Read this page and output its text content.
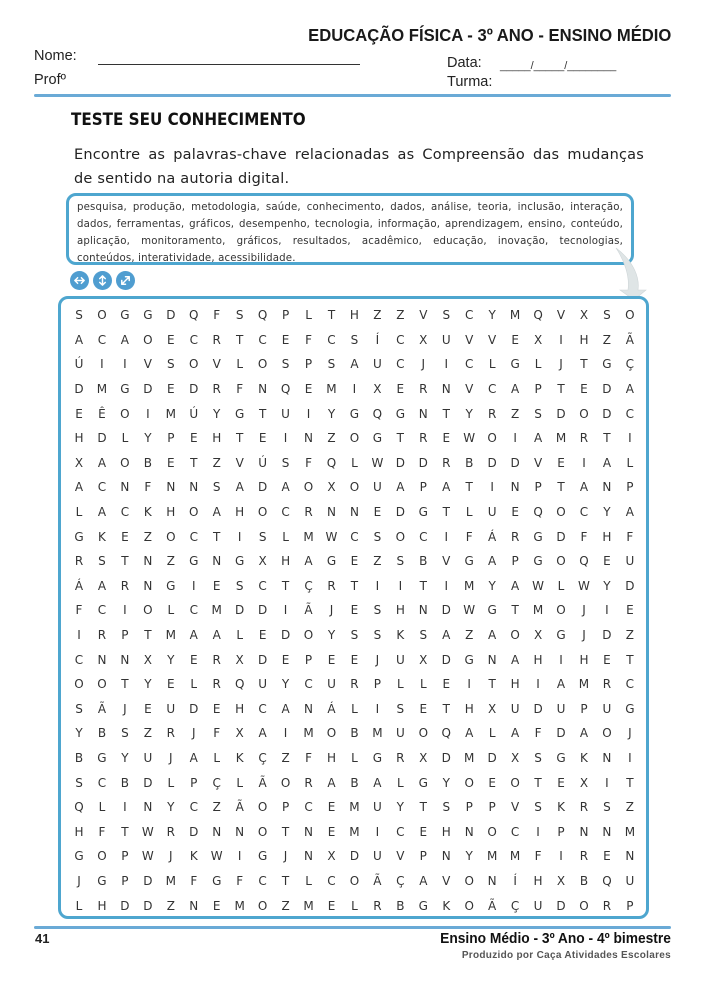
EDUCAÇÃO FÍSICA - 3º ANO - ENSINO MÉDIO
Nome:
Profº
Data: _____/_____/________
Turma:
TESTE SEU CONHECIMENTO
Encontre as palavras-chave relacionadas as Compreensão das mudanças de sentido na autoria digital.
pesquisa, produção, metodologia, saúde, conhecimento, dados, análise, teoria, inclusão, interação, dados, ferramentas, gráficos, desempenho, tecnologia, informação, aprendizagem, ensino, conteúdo, aplicação, monitoramento, gráficos, resultados, acadêmico, educação, inovação, tecnologias, conteúdos, interatividade, acessibilidade.
S	O	G	G	D	Q	F	S	Q	P	L	T	H	Z	Z	V	S	C	Y	M	Q	V	X	S	O
A	C	A	O	E	C	R	T	C	E	F	C	S	Í	C	X	U	V	V	E	X	I	H	Z	Ã
Ú	I	I	V	S	O	V	L	O	S	P	S	A	U	C	J	I	C	L	G	L	J	T	G	Ç
D	M	G	D	E	D	R	F	N	Q	E	M	I	X	E	R	N	V	C	A	P	T	E	D	A
E	Ê	O	I	M	Ú	Y	G	T	U	I	Y	G	Q	G	N	T	Y	R	Z	S	D	O	D	C
H	D	L	Y	P	E	H	T	E	I	N	Z	O	G	T	R	E	W	O	I	A	M	R	T	I
X	A	O	B	E	T	Z	V	Ú	S	F	Q	L	W	D	D	R	B	D	D	V	E	I	A	L
A	C	N	F	N	N	S	A	D	A	O	X	O	U	A	P	A	T	I	N	P	T	A	N	P
L	A	C	K	H	O	A	H	O	C	R	N	N	E	D	G	T	L	U	E	Q	O	C	Y	A
G	K	E	Z	O	C	T	I	S	L	M W	C	S	O	C	I	F	Á	R	G	D	F	H	F
R	S	T	N	Z	G	N	G	X	H	A	G	E	Z	S	B	V	G	A	P	G	O	Q	E	U
Á	A	R	N	G	I	E	S	C	T	Ç	R	T	I	I	T	I	M	Y	A	W	L	W	Y	D
F	C	I	O	L	C	M	D	D	I	Ã	J	E	S	H	N	D	W	G	T	M	O	J	I	E
I	R	P	T	M	A	A	L	E	D	O	Y	S	S	K	S	A	Z	A	O	X	G	J	D	Z
C	N	N	X	Y	E	R	X	D	E	P	E	E	J	U	X	D	G	N	A	H	I	H	E	T
O	O	T	Y	E	L	R	Q	U	Y	C	U	R	P	L	L	E	I	T	H	I	A	M	R	C
S	Ã	J	E	U	D	E	H	C	A	N	Á	L	I	S	E	T	H	X	U	D	U	P	U	G
Y	B	S	Z	R	J	F	X	A	I	M	O	B	M	U	O	Q	A	L	A	F	D	A	O	J
B	G	Y	U	J	A	L	K	Ç	Z	F	H	L	G	R	X	D	M	D	X	S	G	K	N	I
S	C	B	D	L	P	Ç	L	Ã	O	R	A	B	A	L	G	Y	O	E	O	T	E	X	I	T
Q	L	I	N	Y	C	Z	Ã	O	P	C	E	M	U	Y	T	S	P	P	V	S	K	R	S	Z
H	F	T	W	R	D	N	N	O	T	N	E	M	I	C	E	H	N	O	C	I	P	N	N	M
G	O	P	W	J	K	W	I	G	J	N	X	D	U	V	P	N	Y	M	M	F	I	R	E	N
J	G	P	D	M	F	G	F	C	T	L	C	O	Ã	Ç	A	V	O	N	Í	H	X	B	Q	U
L	H	D	D	Z	N	E	M	O	Z	M	E	L	R	B	G	K	O	Ã	Ç	U	D	O	R	P
41	Ensino Médio - 3º Ano - 4º bimestre
Produzido por Caça Atividades Escolares
